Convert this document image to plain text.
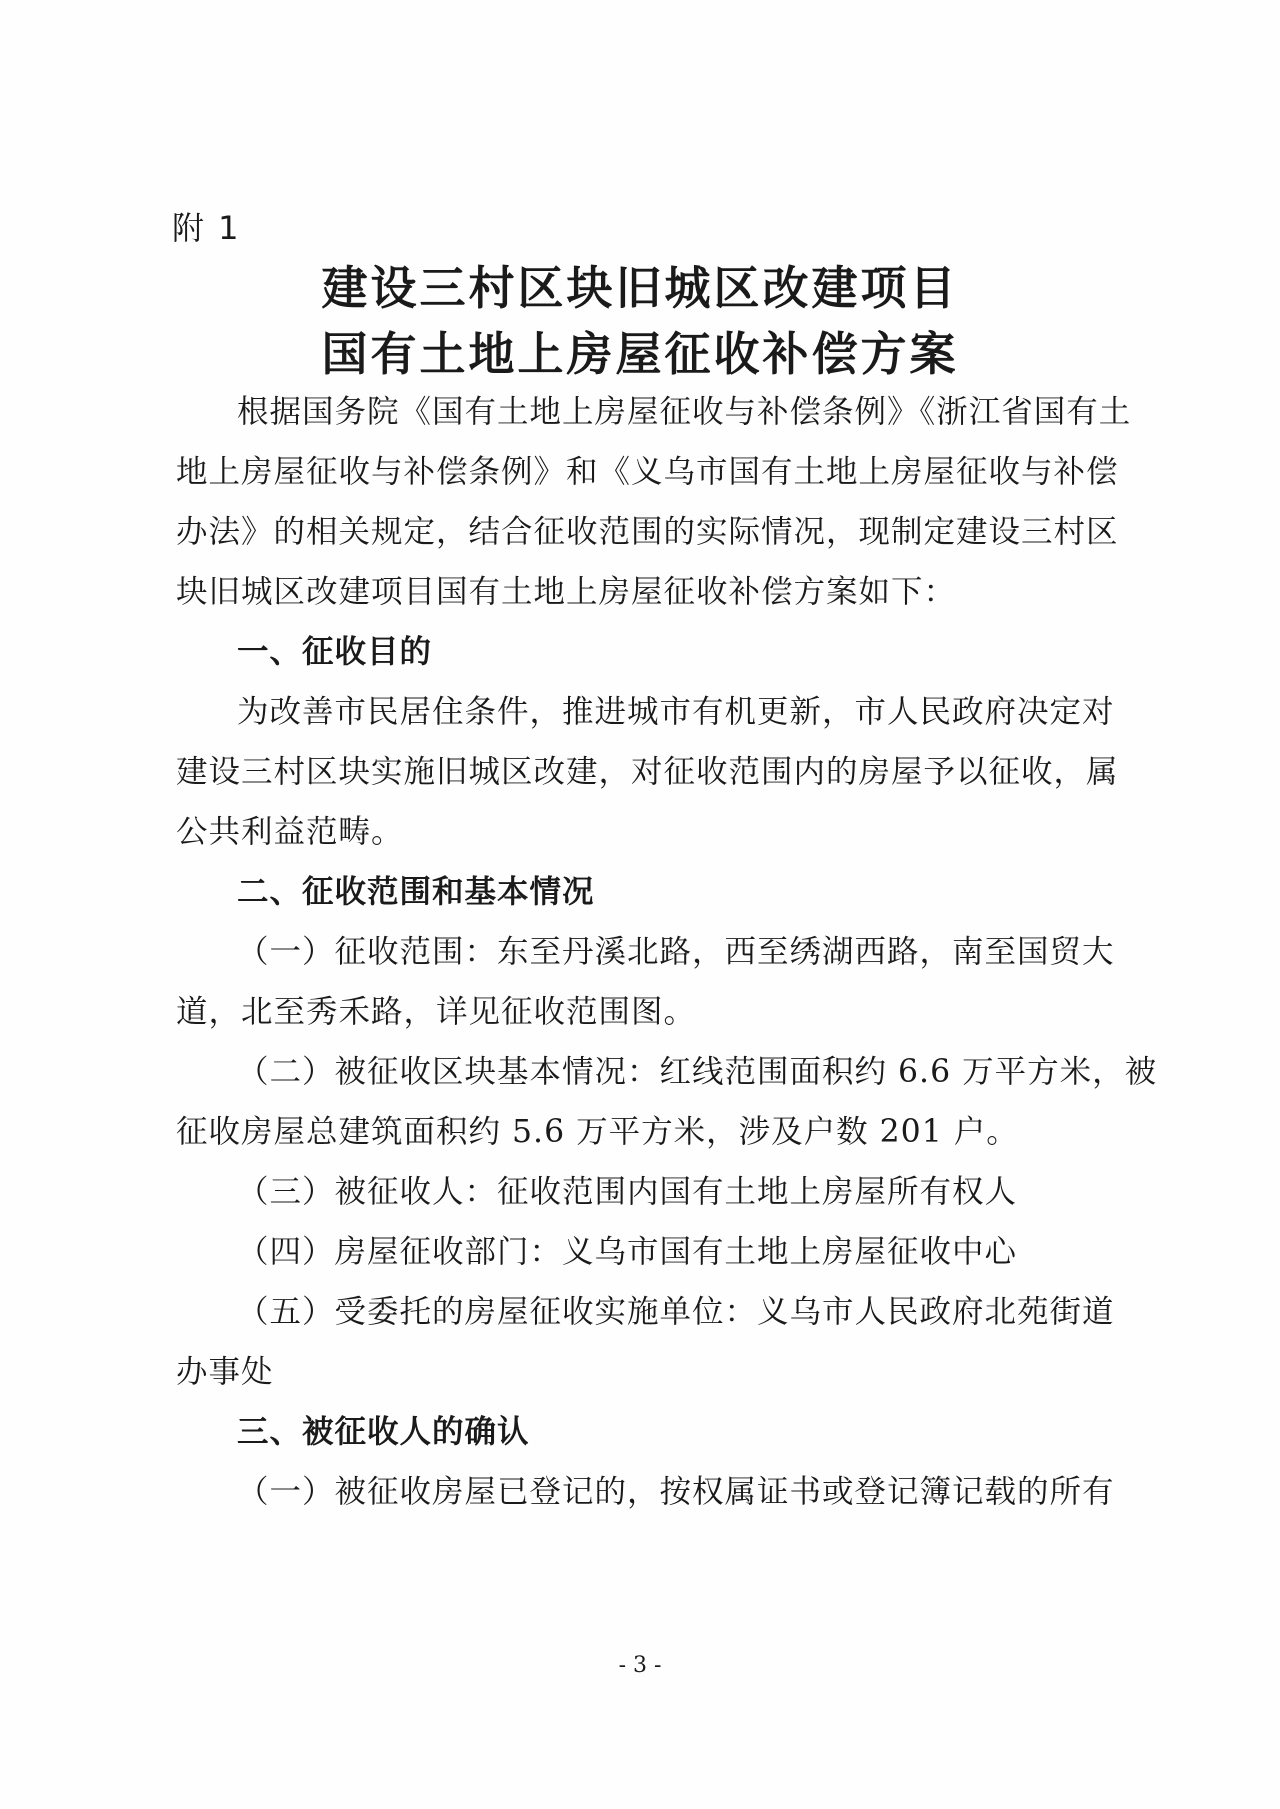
附 1
建设三村区块旧城区改建项目
国有土地上房屋征收补偿方案
根据国务院《国有土地上房屋征收与补偿条例》《浙江省国有土
地上房屋征收与补偿条例》和《义乌市国有土地上房屋征收与补偿
办法》的相关规定，结合征收范围的实际情况，现制定建设三村区
块旧城区改建项目国有土地上房屋征收补偿方案如下：
一、征收目的
为改善市民居住条件，推进城市有机更新，市人民政府决定对
建设三村区块实施旧城区改建，对征收范围内的房屋予以征收，属
公共利益范畴。
二、征收范围和基本情况
（一）征收范围：东至丹溪北路，西至绣湖西路，南至国贸大
道，北至秀禾路，详见征收范围图。
（二）被征收区块基本情况：红线范围面积约 6.6 万平方米，被
征收房屋总建筑面积约 5.6 万平方米，涉及户数 201 户。
（三）被征收人：征收范围内国有土地上房屋所有权人
（四）房屋征收部门：义乌市国有土地上房屋征收中心
（五）受委托的房屋征收实施单位：义乌市人民政府北苑街道
办事处
三、被征收人的确认
（一）被征收房屋已登记的，按权属证书或登记簿记载的所有
- 3 -
